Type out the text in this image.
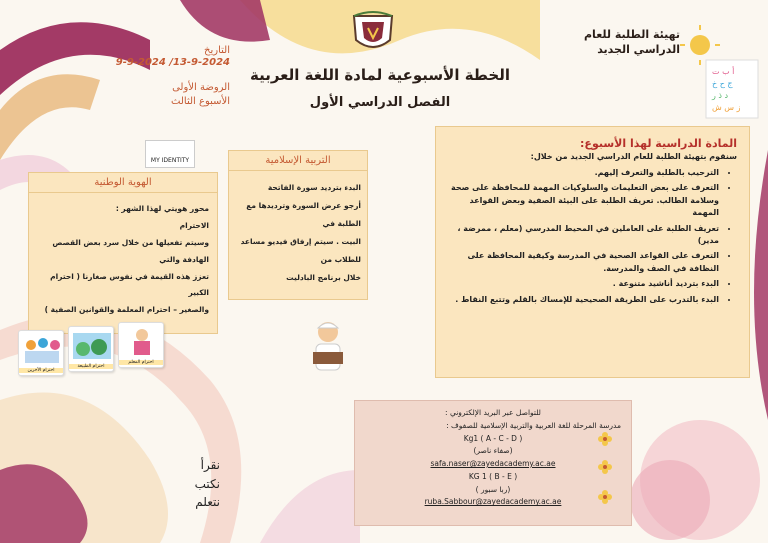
أ ب ت
ج ح خ
د ذ ر
ز س ش
الخطة الأسبوعية لمادة اللغة العربية
الفصل الدراسي الأول
التاريخ
9-9-2024 /13-9-2024
الروضة الأولى
الأسبوع الثالث
تهيئة الطلبة للعام الدراسي الجديد
MY IDENTITY
المادة الدراسية لهذا الأسبوع:
سنقوم بتهيئة الطلبة للعام الدراسي الجديد من خلال:
• الترحيب بالطلبة والتعرف إليهم.
• التعرف على بعض التعليمات والسلوكيات المهمة للمحافظة على صحة وسلامة الطالب. تعريف الطلبة على البيئة الصفية وبعض القواعد المهمة
• تعريف الطلبة على العاملين في المحيط المدرسي (معلم ، ممرضة ، مدير)
• التعرف على القواعد الصحية في المدرسة وكيفية المحافظة على النظافة في الصف والمدرسة.
• البدء بترديد أناشيد متنوعة .
• البدء بالتدرب على الطريقة الصحيحية للإمساك بالقلم وتتبع النقاط .
التربية الإسلامية
البدء بترديد سورة الفاتحة
أرجو عرض السورة وترديدها مع الطلبة في
البيت . سيتم إرفاق فيديو مساعد للطلاب من
خلال برنامج البادليت
الهوية الوطنية
محور هويتي لهذا الشهر :
الاحترام
وسيتم تفعيلها من خلال سرد بعض القصص الهادفة والتي
تعزز هذه القيمة في نفوس صغارنا ( احترام الكبير
والصغير – احترام المعلمة والقوانين الصفية )
احترام الآخرين
احترام الطبيعة
احترام المعلم
للتواصل عبر البريد الإلكتروني :
مدرسة المرحلة للغة العربية والتربية الإسلامية للصفوف :
Kg1 ( A - C - D )
(صفاء ناصر)
safa.naser@zayedacademy.ac.ae
KG 1 ( B - E )
(ربا سبور )
ruba.Sabbour@zayedacademy.ac.ae
نقرأ
نكتب
نتعلم
